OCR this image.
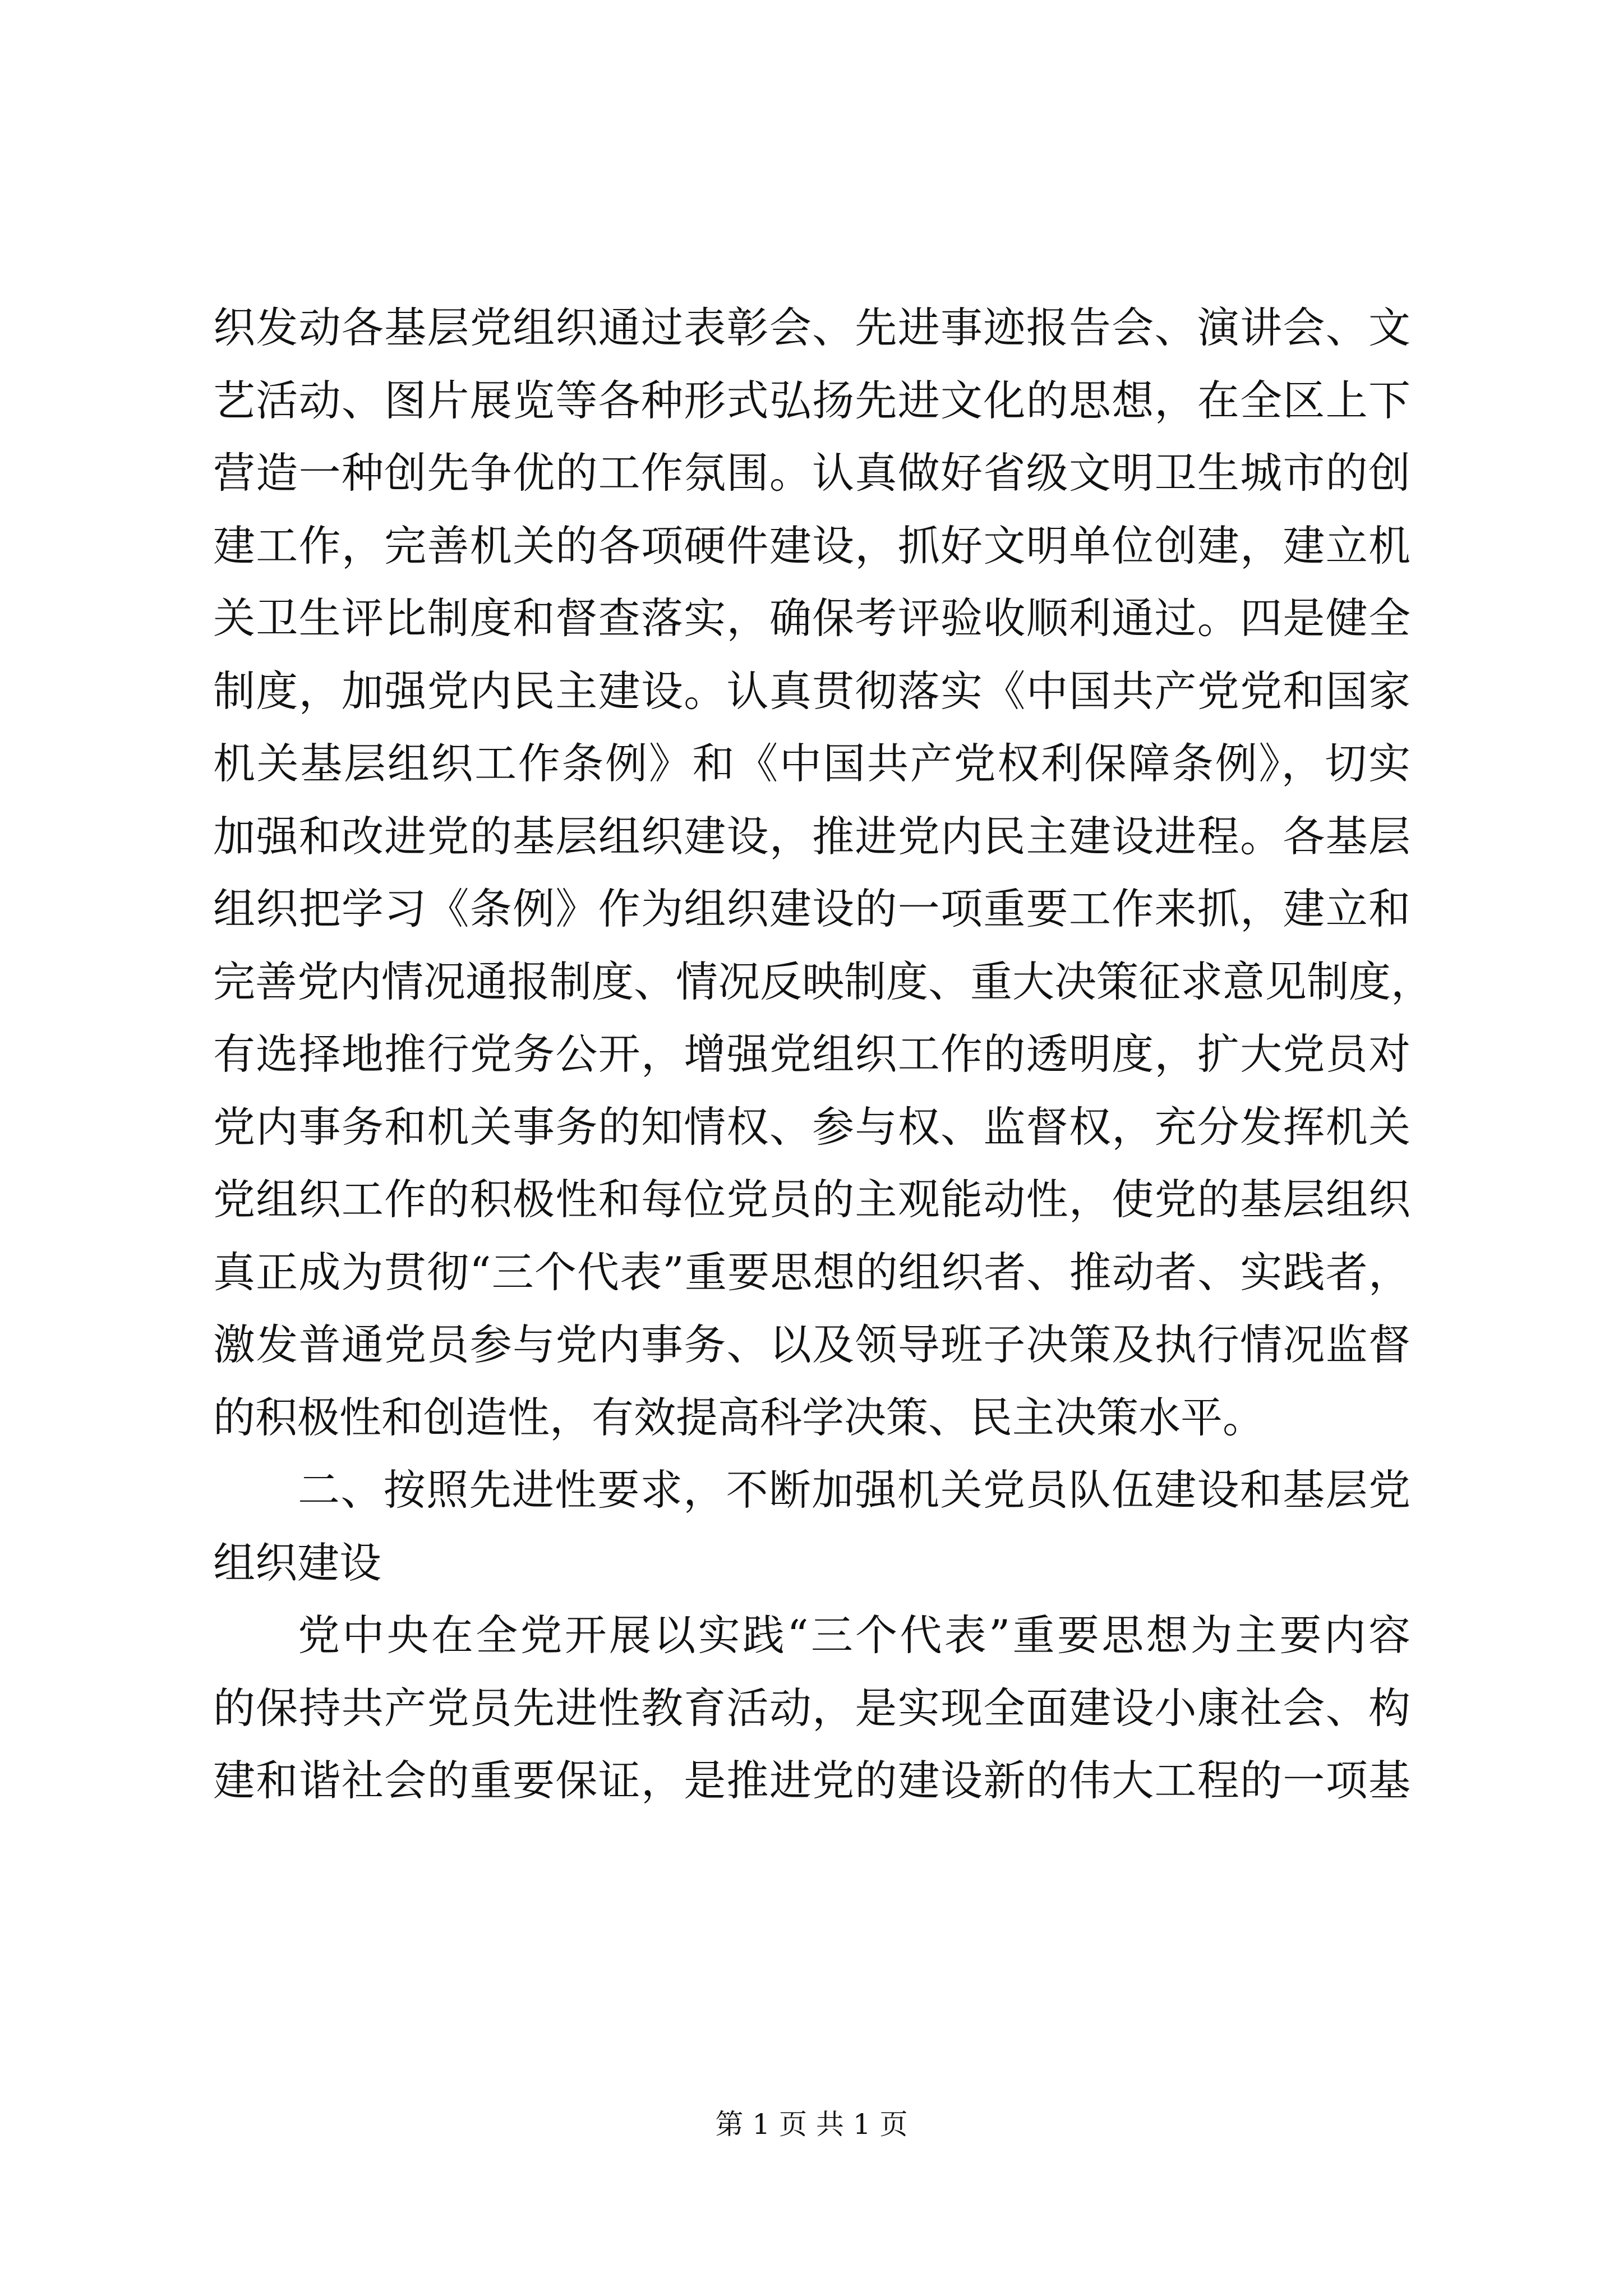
织发动各基层党组织通过表彰会、先进事迹报告会、演讲会、文

艺活动、图片展览等各种形式弘扬先进文化的思想，在全区上下

营造一种创先争优的工作氛围。认真做好省级文明卫生城市的创

建工作，完善机关的各项硬件建设，抓好文明单位创建，建立机

关卫生评比制度和督查落实，确保考评验收顺利通过。四是健全

制度，加强党内民主建设。认真贯彻落实《中国共产党党和国家

机关基层组织工作条例》和《中国共产党权利保障条例》，切实

加强和改进党的基层组织建设，推进党内民主建设进程。各基层

组织把学习《条例》作为组织建设的一项重要工作来抓，建立和

完善党内情况通报制度、情况反映制度、重大决策征求意见制度，

有选择地推行党务公开，增强党组织工作的透明度，扩大党员对

党内事务和机关事务的知情权、参与权、监督权，充分发挥机关

党组织工作的积极性和每位党员的主观能动性，使党的基层组织

真正成为贯彻“三个代表”重要思想的组织者、推动者、实践者，

激发普通党员参与党内事务、以及领导班子决策及执行情况监督

的积极性和创造性，有效提高科学决策、民主决策水平。

二、按照先进性要求，不断加强机关党员队伍建设和基层党

组织建设

党中央在全党开展以实践“三个代表”重要思想为主要内容

的保持共产党员先进性教育活动，是实现全面建设小康社会、构

建和谐社会的重要保证，是推进党的建设新的伟大工程的一项基

第 1 页 共 1 页
